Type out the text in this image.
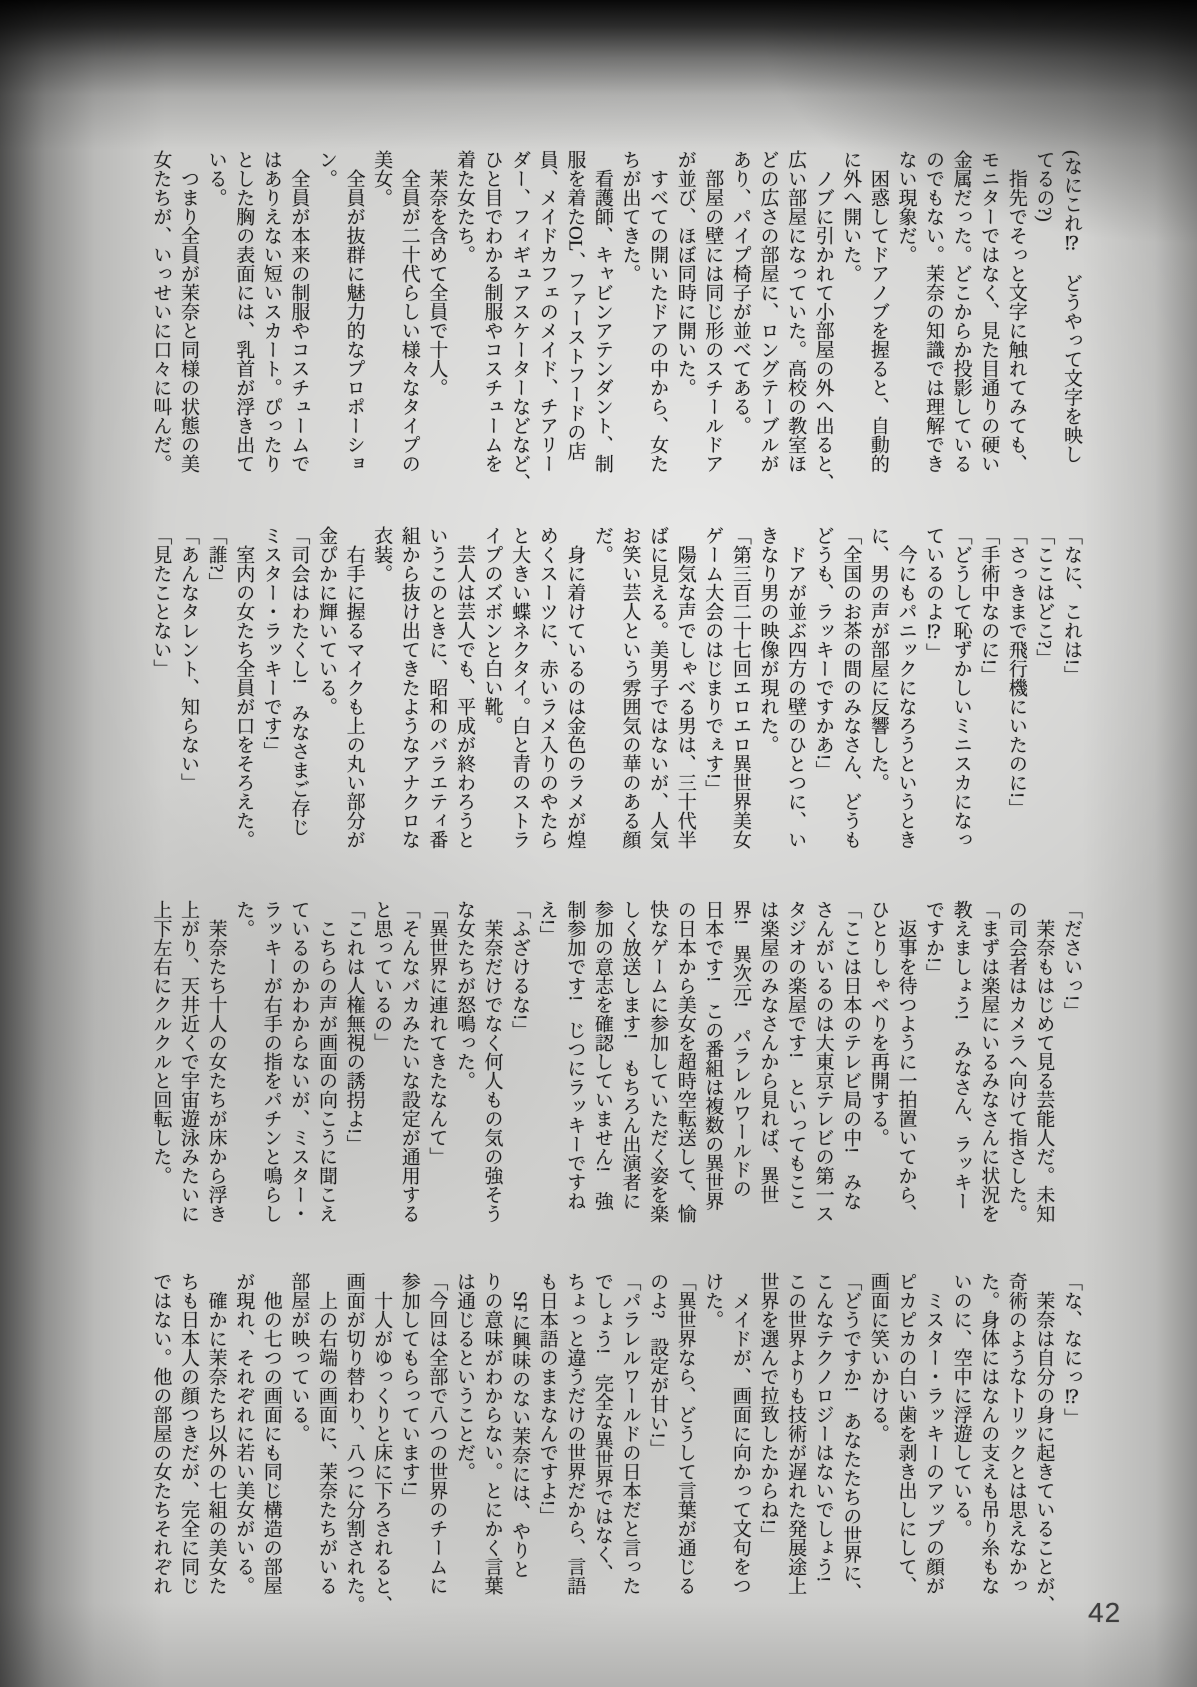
(なにこれ⁉　どうやって文字を映し

てるの?)

　指先でそっと文字に触れてみても、

モニターではなく、見た目通りの硬い

金属だった。どこからか投影している

のでもない。茉奈の知識では理解でき

ない現象だ。

　困惑してドアノブを握ると、自動的

に外へ開いた。

　ノブに引かれて小部屋の外へ出ると、

広い部屋になっていた。高校の教室ほ

どの広さの部屋に、ロングテーブルが

あり、パイプ椅子が並べてある。

　部屋の壁には同じ形のスチールドア

が並び、ほぼ同時に開いた。

　すべての開いたドアの中から、女た

ちが出てきた。

　看護師、キャビンアテンダント、制

服を着たOL、ファーストフードの店

員、メイドカフェのメイド、チアリー

ダー、フィギュアスケーターなどなど、

ひと目でわかる制服やコスチュームを

着た女たち。

　茉奈を含めて全員で十人。

　全員が二十代らしい様々なタイプの

美女。

　全員が抜群に魅力的なプロポーショ

ン。

　全員が本来の制服やコスチュームで

はありえない短いスカート。ぴったり

とした胸の表面には、乳首が浮き出て

いる。

　つまり全員が茉奈と同様の状態の美

女たちが、いっせいに口々に叫んだ。

「なに、これは!」

「ここはどこ?」

「さっきまで飛行機にいたのに!」

「手術中なのに!」

「どうして恥ずかしいミニスカになっ

ているのよ⁉」

　今にもパニックになろうというとき

に、男の声が部屋に反響した。

「全国のお茶の間のみなさん、どうも

どうも、ラッキーですかあ!」

　ドアが並ぶ四方の壁のひとつに、い

きなり男の映像が現れた。

「第三百二十七回エロエロ異世界美女

ゲーム大会のはじまりでぇす!」

　陽気な声でしゃべる男は、三十代半

ばに見える。美男子ではないが、人気

お笑い芸人という雰囲気の華のある顔

だ。

　身に着けているのは金色のラメが煌

めくスーツに、赤いラメ入りのやたら

と大きい蝶ネクタイ。白と青のストラ

イプのズボンと白い靴。

　芸人は芸人でも、平成が終わろうと

いうこのときに、昭和のバラエティ番

組から抜け出てきたようなアナクロな

衣装。

　右手に握るマイクも上の丸い部分が

金ぴかに輝いている。

「司会はわたくし!　みなさまご存じ

ミスター・ラッキーです!」

　室内の女たち全員が口をそろえた。

「誰?」

「あんなタレント、知らない」

「見たことない」

「ださいっ!」

　茉奈もはじめて見る芸能人だ。未知

の司会者はカメラへ向けて指さした。

「まずは楽屋にいるみなさんに状況を

教えましょう!　みなさん、ラッキー

ですか!」

　返事を待つように一拍置いてから、

ひとりしゃべりを再開する。

「ここは日本のテレビ局の中!　みな

さんがいるのは大東京テレビの第一ス

タジオの楽屋です!　といってもここ

は楽屋のみなさんから見れば、異世

界!　異次元!　パラレルワールドの

日本です!　この番組は複数の異世界

の日本から美女を超時空転送して、愉

快なゲームに参加していただく姿を楽

しく放送します!　もちろん出演者に

参加の意志を確認していません!　強

制参加です!　じつにラッキーですね

え!」

「ふざけるな!」

　茉奈だけでなく何人もの気の強そう

な女たちが怒鳴った。

「異世界に連れてきたなんて」

「そんなバカみたいな設定が通用する

と思っているの」

「これは人権無視の誘拐よ!」

　こちらの声が画面の向こうに聞こえ

ているのかわからないが、ミスター・

ラッキーが右手の指をパチンと鳴らし

た。

　茉奈たち十人の女たちが床から浮き

上がり、天井近くで宇宙遊泳みたいに

上下左右にクルクルと回転した。

「な、なにっ⁉」

　茉奈は自分の身に起きていることが、

奇術のようなトリックとは思えなかっ

た。身体にはなんの支えも吊り糸もな

いのに、空中に浮遊している。

　ミスター・ラッキーのアップの顔が

ピカピカの白い歯を剥き出しにして、

画面に笑いかける。

「どうですか!　あなたたちの世界に、

こんなテクノロジーはないでしょう!

この世界よりも技術が遅れた発展途上

世界を選んで拉致したからね!」

　メイドが、画面に向かって文句をつ

けた。

「異世界なら、どうして言葉が通じる

のよ?　設定が甘い!」

「パラレルワールドの日本だと言った

でしょう!　完全な異世界ではなく、

ちょっと違うだけの世界だから、言語

も日本語のままなんですよ!」

　SFに興味のない茉奈には、やりと

りの意味がわからない。とにかく言葉

は通じるということだ。

「今回は全部で八つの世界のチームに

参加してもらっています!」

　十人がゆっくりと床に下ろされると、

画面が切り替わり、八つに分割された。

　上の右端の画面に、茉奈たちがいる

部屋が映っている。

　他の七つの画面にも同じ構造の部屋

が現れ、それぞれに若い美女がいる。

　確かに茉奈たち以外の七組の美女た

ちも日本人の顔つきだが、完全に同じ

ではない。他の部屋の女たちそれぞれ

42
